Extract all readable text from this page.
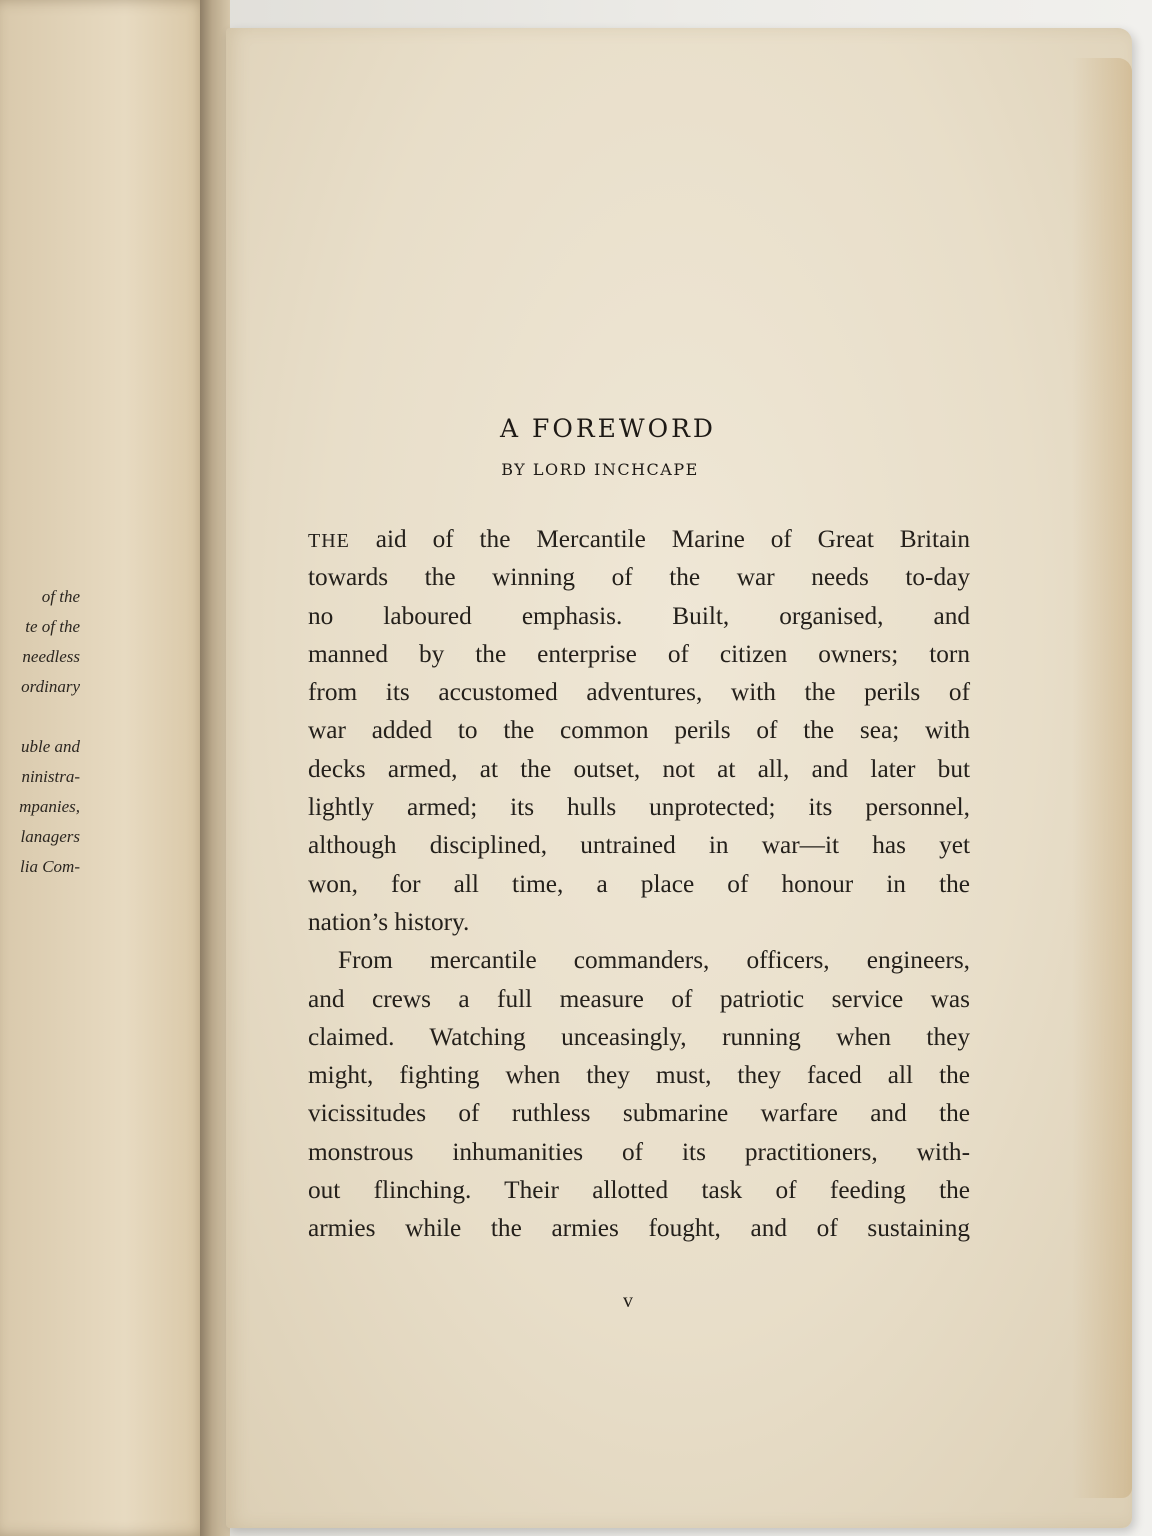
of the
te of the
needless
ordinary
uble and
ninistra-
mpanies,
lanagers
lia Com-
A FOREWORD
BY LORD INCHCAPE
THE aid of the Mercantile Marine of Great Britain
towards the winning of the war needs to-day
no laboured emphasis. Built, organised, and
manned by the enterprise of citizen owners; torn
from its accustomed adventures, with the perils of
war added to the common perils of the sea; with
decks armed, at the outset, not at all, and later but
lightly armed; its hulls unprotected; its personnel,
although disciplined, untrained in war—it has yet
won, for all time, a place of honour in the
nation’s history.
From mercantile commanders, officers, engineers,
and crews a full measure of patriotic service was
claimed. Watching unceasingly, running when they
might, fighting when they must, they faced all the
vicissitudes of ruthless submarine warfare and the
monstrous inhumanities of its practitioners, with-
out flinching. Their allotted task of feeding the
armies while the armies fought, and of sustaining
v
